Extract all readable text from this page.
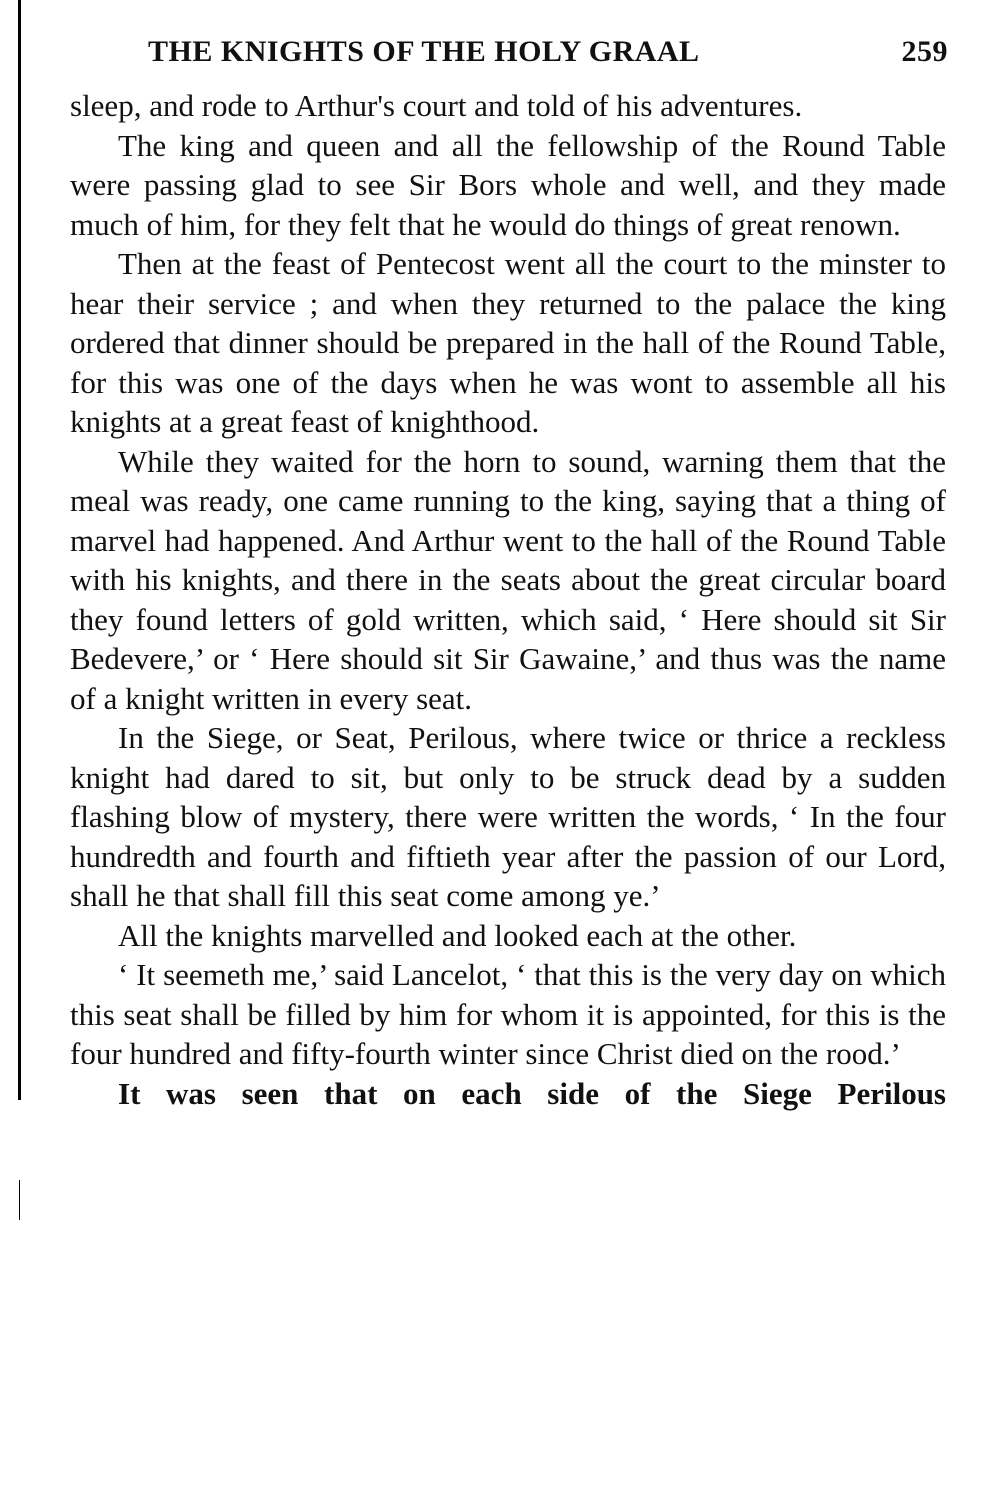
THE KNIGHTS OF THE HOLY GRAAL	259

sleep, and rode to Arthur's court and told of his adventures.

The king and queen and all the fellowship of the Round Table were passing glad to see Sir Bors whole and well, and they made much of him, for they felt that he would do things of great renown.

Then at the feast of Pentecost went all the court to the minster to hear their service ; and when they returned to the palace the king ordered that dinner should be prepared in the hall of the Round Table, for this was one of the days when he was wont to assemble all his knights at a great feast of knighthood.

While they waited for the horn to sound, warning them that the meal was ready, one came running to the king, saying that a thing of marvel had happened. And Arthur went to the hall of the Round Table with his knights, and there in the seats about the great circular board they found letters of gold written, which said, ‘ Here should sit Sir Bedevere,’ or ‘ Here should sit Sir Gawaine,’ and thus was the name of a knight written in every seat.

In the Siege, or Seat, Perilous, where twice or thrice a reckless knight had dared to sit, but only to be struck dead by a sudden flashing blow of mystery, there were written the words, ‘ In the four hundredth and fourth and fiftieth year after the passion of our Lord, shall he that shall fill this seat come among ye.’

All the knights marvelled and looked each at the other.

‘ It seemeth me,’ said Lancelot, ‘ that this is the very day on which this seat shall be filled by him for whom it is appointed, for this is the four hundred and fifty-fourth winter since Christ died on the rood.’

It was seen that on each side of the Siege Perilous
